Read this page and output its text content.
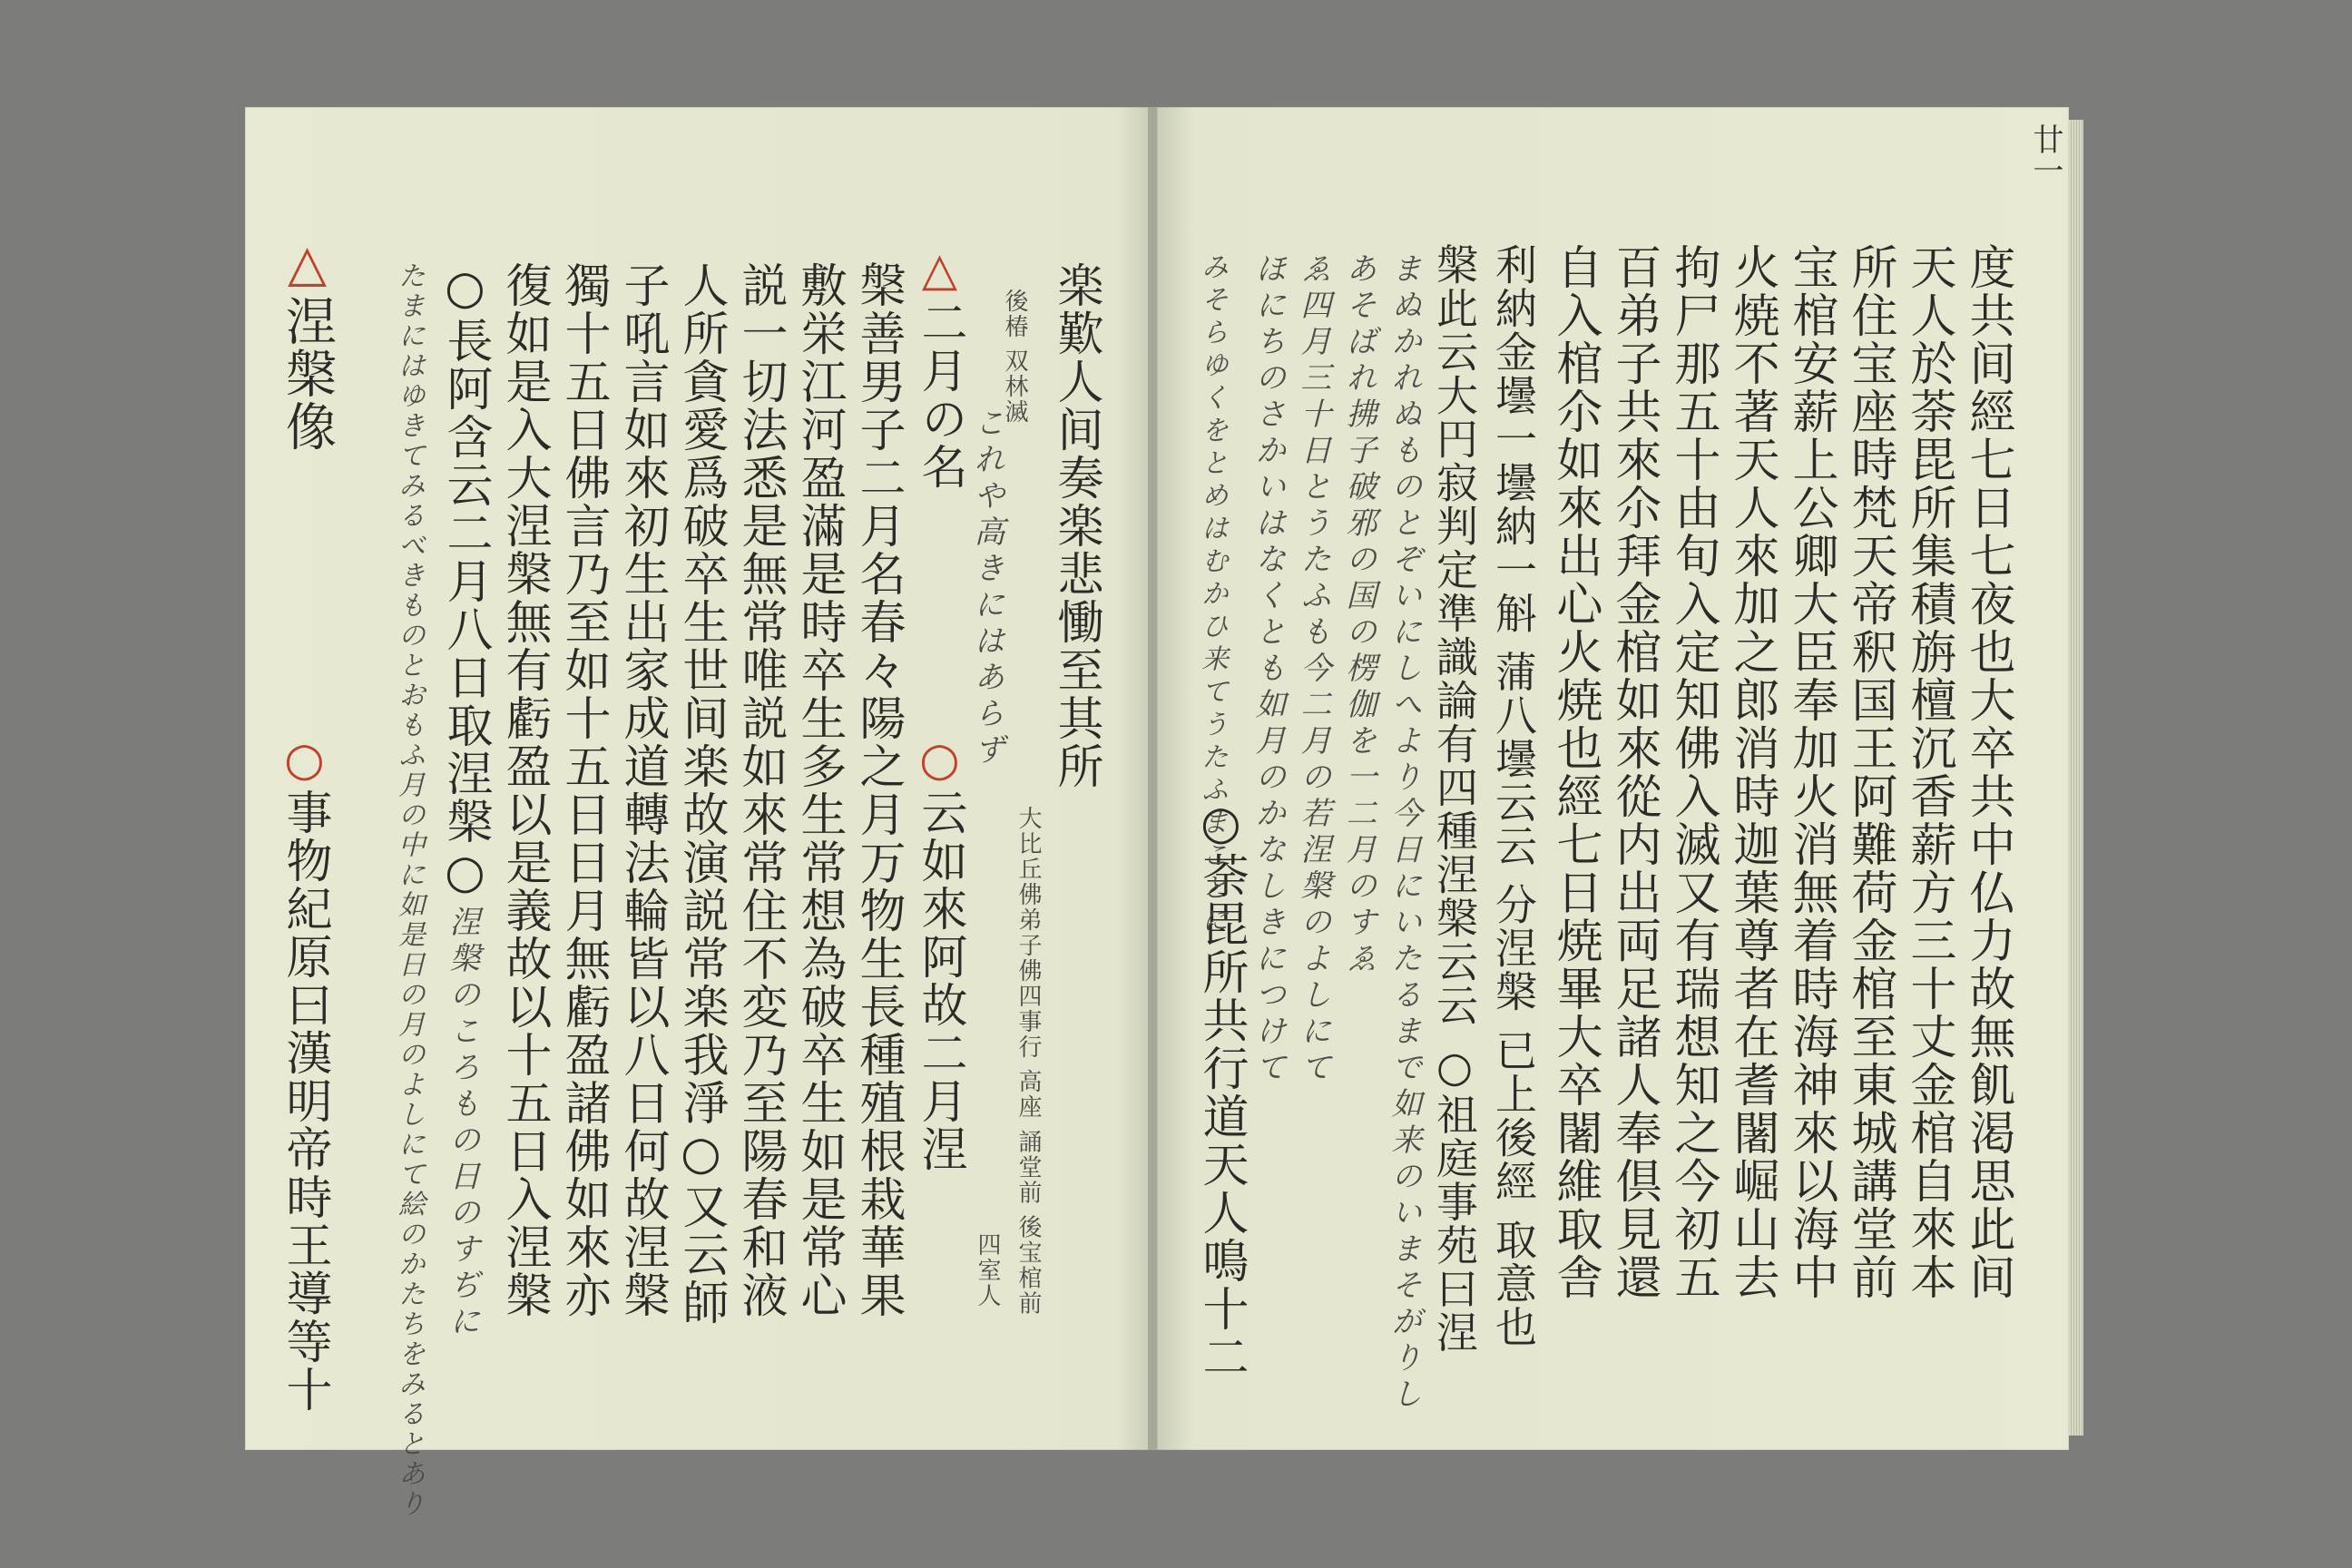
廿一
度共间經七日七夜也大卒共中仏力故無飢渇思此间
天人於荼毘所集積旃檀沉香薪方三十丈金棺自來本
所住宝座時梵天帝釈国王阿難荷金棺至東城講堂前
宝棺安薪上公卿大臣奉加火消無着時海神來以海中
火焼不著天人來加之郎消時迦葉尊者在耆闍崛山去
拘尸那五十由旬入定知佛入滅又有瑞想知之今初五
百弟子共來尒拜金棺如來從内出両足諸人奉倶見還
自入棺尒如來出心火焼也經七日焼畢大卒闍維取舎
利納金壜一壜納一斛 蒲八壜云云 分涅槃 已上後經 取意也
槃此云大円寂判定準識論有四種涅槃云云 ○祖庭事苑曰涅
まぬかれぬものとぞいにしへより今日にいたるまで如来のいまそがりし
あそばれ拂子破邪の国の楞伽を一二月のすゑ
ゑ四月三十日とうたふも今二月の若涅槃のよしにて
ほにちのさかいはなくとも如月のかなしきにつけて
○荼毘所共行道天人鳴十二
みそらゆくをとめはむかひ来てうたふまことに
楽歎人间奏楽悲慟至其所
大比丘佛弟子佛四事行 高座 誦堂前 後宝棺前
後椿 双林滅
これや高きにはあらず
四室人
△二月の名
○云如來阿故二月涅
槃善男子二月名春々陽之月万物生長種殖根栽華果
敷栄江河盈滿是時卒生多生常想為破卒生如是常心
説一切法悉是無常唯説如來常住不変乃至陽春和液
人所貪愛爲破卒生世间楽故演説常楽我淨○又云師
子吼言如來初生出家成道轉法輪皆以八日何故涅槃
獨十五日佛言乃至如十五日日月無虧盈諸佛如來亦
復如是入大涅槃無有虧盈以是義故以十五日入涅槃
○長阿含云二月八日取涅槃○
涅槃のころもの日のすぢに
たまにはゆきてみるべきものとおもふ月の中に如是日の月のよしにて絵のかたちをみるとあり
△涅槃像
○事物紀原曰漢明帝時王導等十
